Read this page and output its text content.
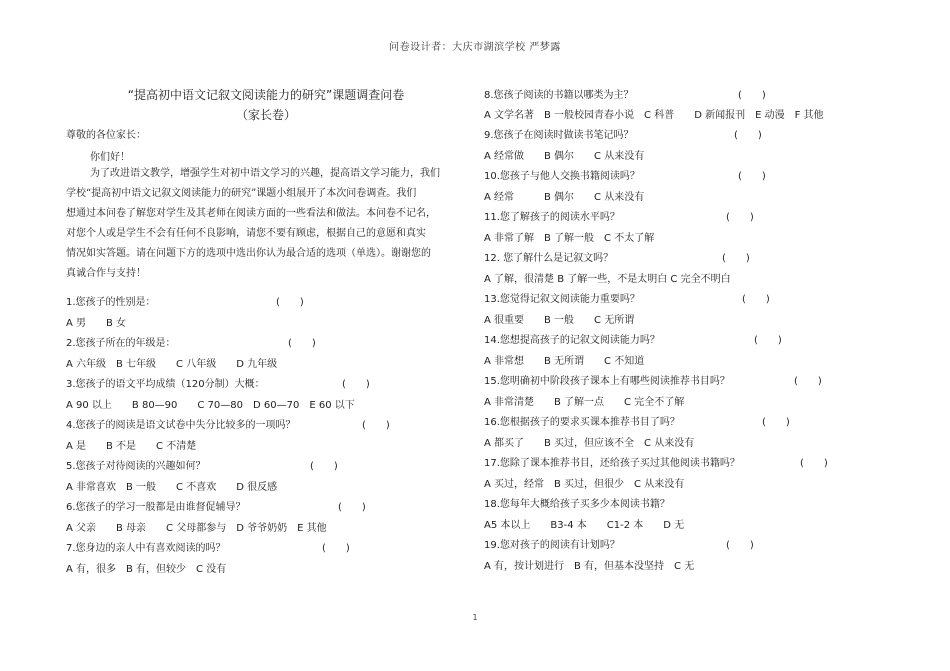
问卷设计者：大庆市湖滨学校 严梦露
“提高初中语文记叙文阅读能力的研究”课题调查问卷
（家长卷）
尊敬的各位家长：
你们好！
为了改进语文教学，增强学生对初中语文学习的兴趣，提高语文学习能力，我们
学校“提高初中语文记叙文阅读能力的研究”课题小组展开了本次问卷调查。我们
想通过本问卷了解您对学生及其老师在阅读方面的一些看法和做法。本问卷不记名，
对您个人或是学生不会有任何不良影响，请您不要有顾虑，根据自己的意愿和真实
情况如实答题。请在问题下方的选项中选出你认为最合适的选项（单选）。谢谢您的
真诚合作与支持！
1.您孩子的性别是：	(　　)
A 男　　B 女
2.您孩子所在的年级是：	(　　)
A 六年级　B 七年级　　C 八年级　　D 九年级
3.您孩子的语文平均成绩（120分制）大概：	(　　)
A 90 以上　　B 80—90　　C 70—80　D 60—70　E 60 以下
4.您孩子的阅读是语文试卷中失分比较多的一项吗？	(　　)
A 是　　B 不是　　C 不清楚
5.您孩子对待阅读的兴趣如何？	(　　)
A 非常喜欢　B 一般　　C 不喜欢　　D 很反感
6.您孩子的学习一般都是由谁督促辅导？	(　　)
A 父亲　　B 母亲　　C 父母都参与　D 爷爷奶奶　E 其他
7.您身边的亲人中有喜欢阅读的吗？	(　　)
A 有，很多　B 有，但较少　C 没有
8.您孩子阅读的书籍以哪类为主？	(　　)
A 文学名著　B 一般校园青春小说　C 科普　　D 新闻报刊　E 动漫　F 其他
9.您孩子在阅读时做读书笔记吗？	(　　)
A 经常做　　B 偶尔　　C 从来没有
10.您孩子与他人交换书籍阅读吗？	(　　)
A 经常　　　B 偶尔　　C 从来没有
11.您了解孩子的阅读水平吗？	(　　)
A 非常了解　B 了解一般　C 不太了解
12. 您了解什么是记叙文吗？	(　　)
A 了解，很清楚 B 了解一些，不是太明白 C 完全不明白
13.您觉得记叙文阅读能力重要吗？	(　　)
A 很重要　　B 一般　　C 无所谓
14.您想提高孩子的记叙文阅读能力吗？	(　　)
A 非常想　　B 无所谓　　C 不知道
15.您明确初中阶段孩子课本上有哪些阅读推荐书目吗？	(　　)
A 非常清楚　　B 了解一点　　C 完全不了解
16.您根据孩子的要求买课本推荐书目了吗？	(　　)
A 都买了　　B 买过，但应该不全　C 从来没有
17.您除了课本推荐书目，还给孩子买过其他阅读书籍吗？	(　　)
A 买过，经常　B 买过，但很少　C 从来没有
18.您每年大概给孩子买多少本阅读书籍？
A5 本以上　　B3-4 本　　C1-2 本　　D 无
19.您对孩子的阅读有计划吗？	(　　)
A 有，按计划进行　B 有，但基本没坚持　C 无
1
